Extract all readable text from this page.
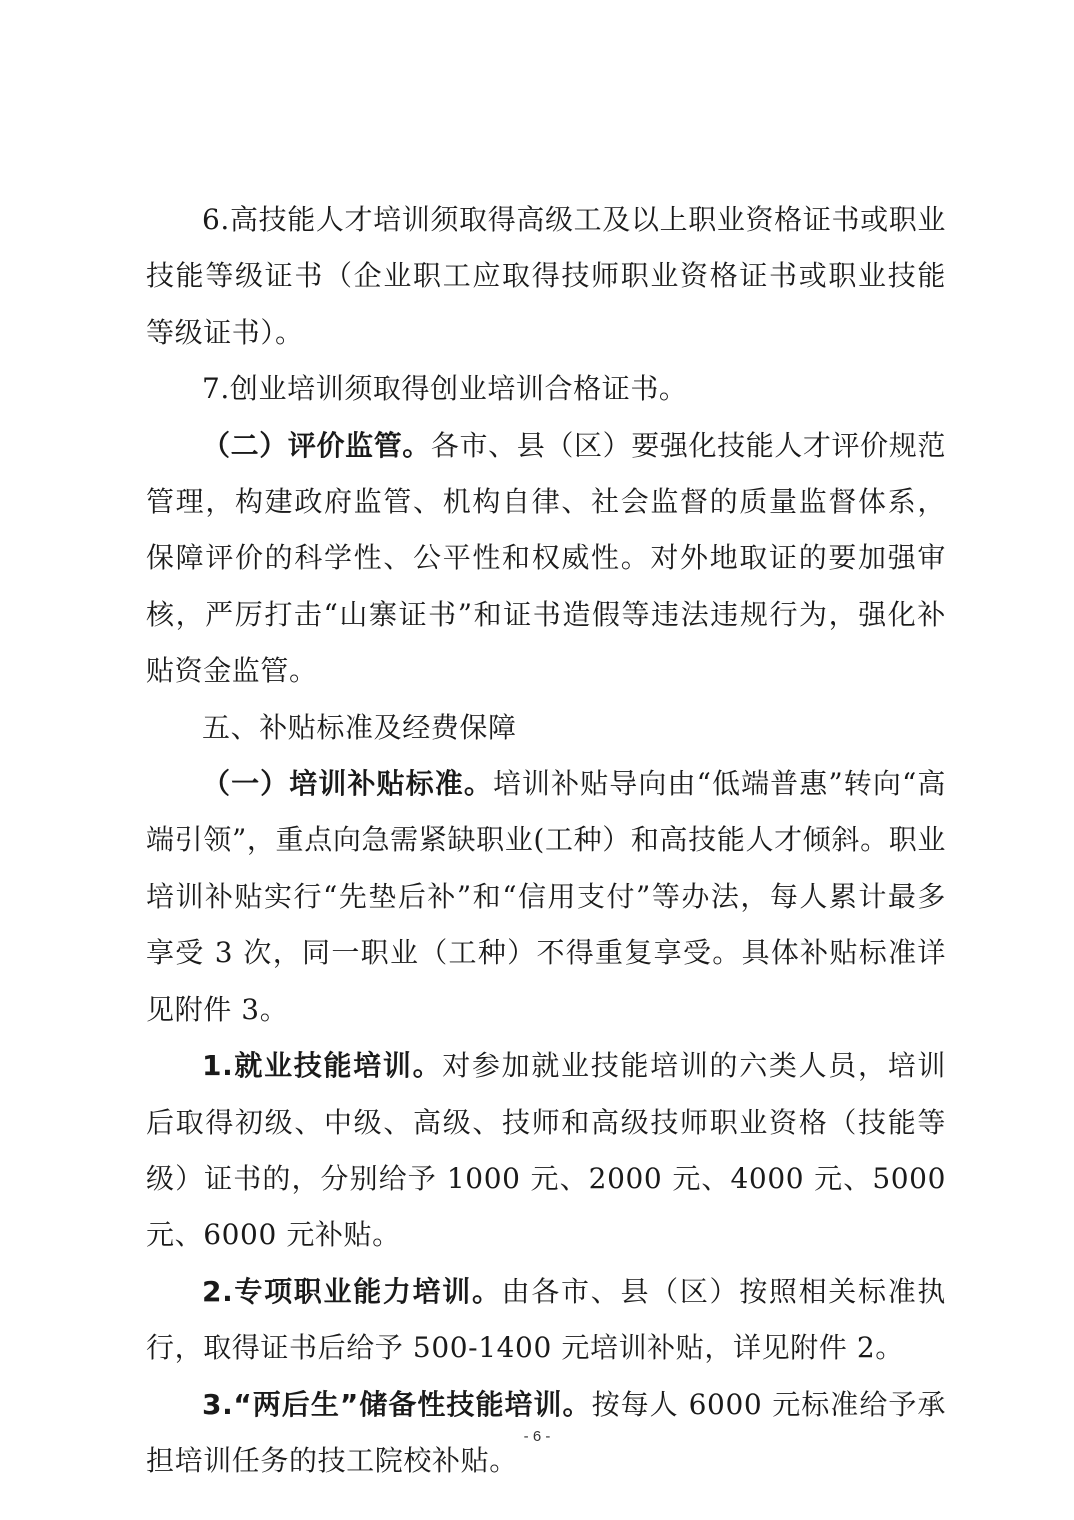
6.高技能人才培训须取得高级工及以上职业资格证书或职业技能等级证书（企业职工应取得技师职业资格证书或职业技能等级证书）。

7.创业培训须取得创业培训合格证书。

（二）评价监管。各市、县（区）要强化技能人才评价规范管理，构建政府监管、机构自律、社会监督的质量监督体系，保障评价的科学性、公平性和权威性。对外地取证的要加强审核，严厉打击“山寨证书”和证书造假等违法违规行为，强化补贴资金监管。

五、补贴标准及经费保障

（一）培训补贴标准。培训补贴导向由“低端普惠”转向“高端引领”，重点向急需紧缺职业(工种）和高技能人才倾斜。职业培训补贴实行“先垫后补”和“信用支付”等办法，每人累计最多享受 3 次，同一职业（工种）不得重复享受。具体补贴标准详见附件 3。

1.就业技能培训。对参加就业技能培训的六类人员，培训后取得初级、中级、高级、技师和高级技师职业资格（技能等级）证书的，分别给予 1000 元、2000 元、4000 元、5000 元、6000 元补贴。

2.专项职业能力培训。由各市、县（区）按照相关标准执行，取得证书后给予 500-1400 元培训补贴，详见附件 2。

3.“两后生”储备性技能培训。按每人 6000 元标准给予承担培训任务的技工院校补贴。

- 6 -
